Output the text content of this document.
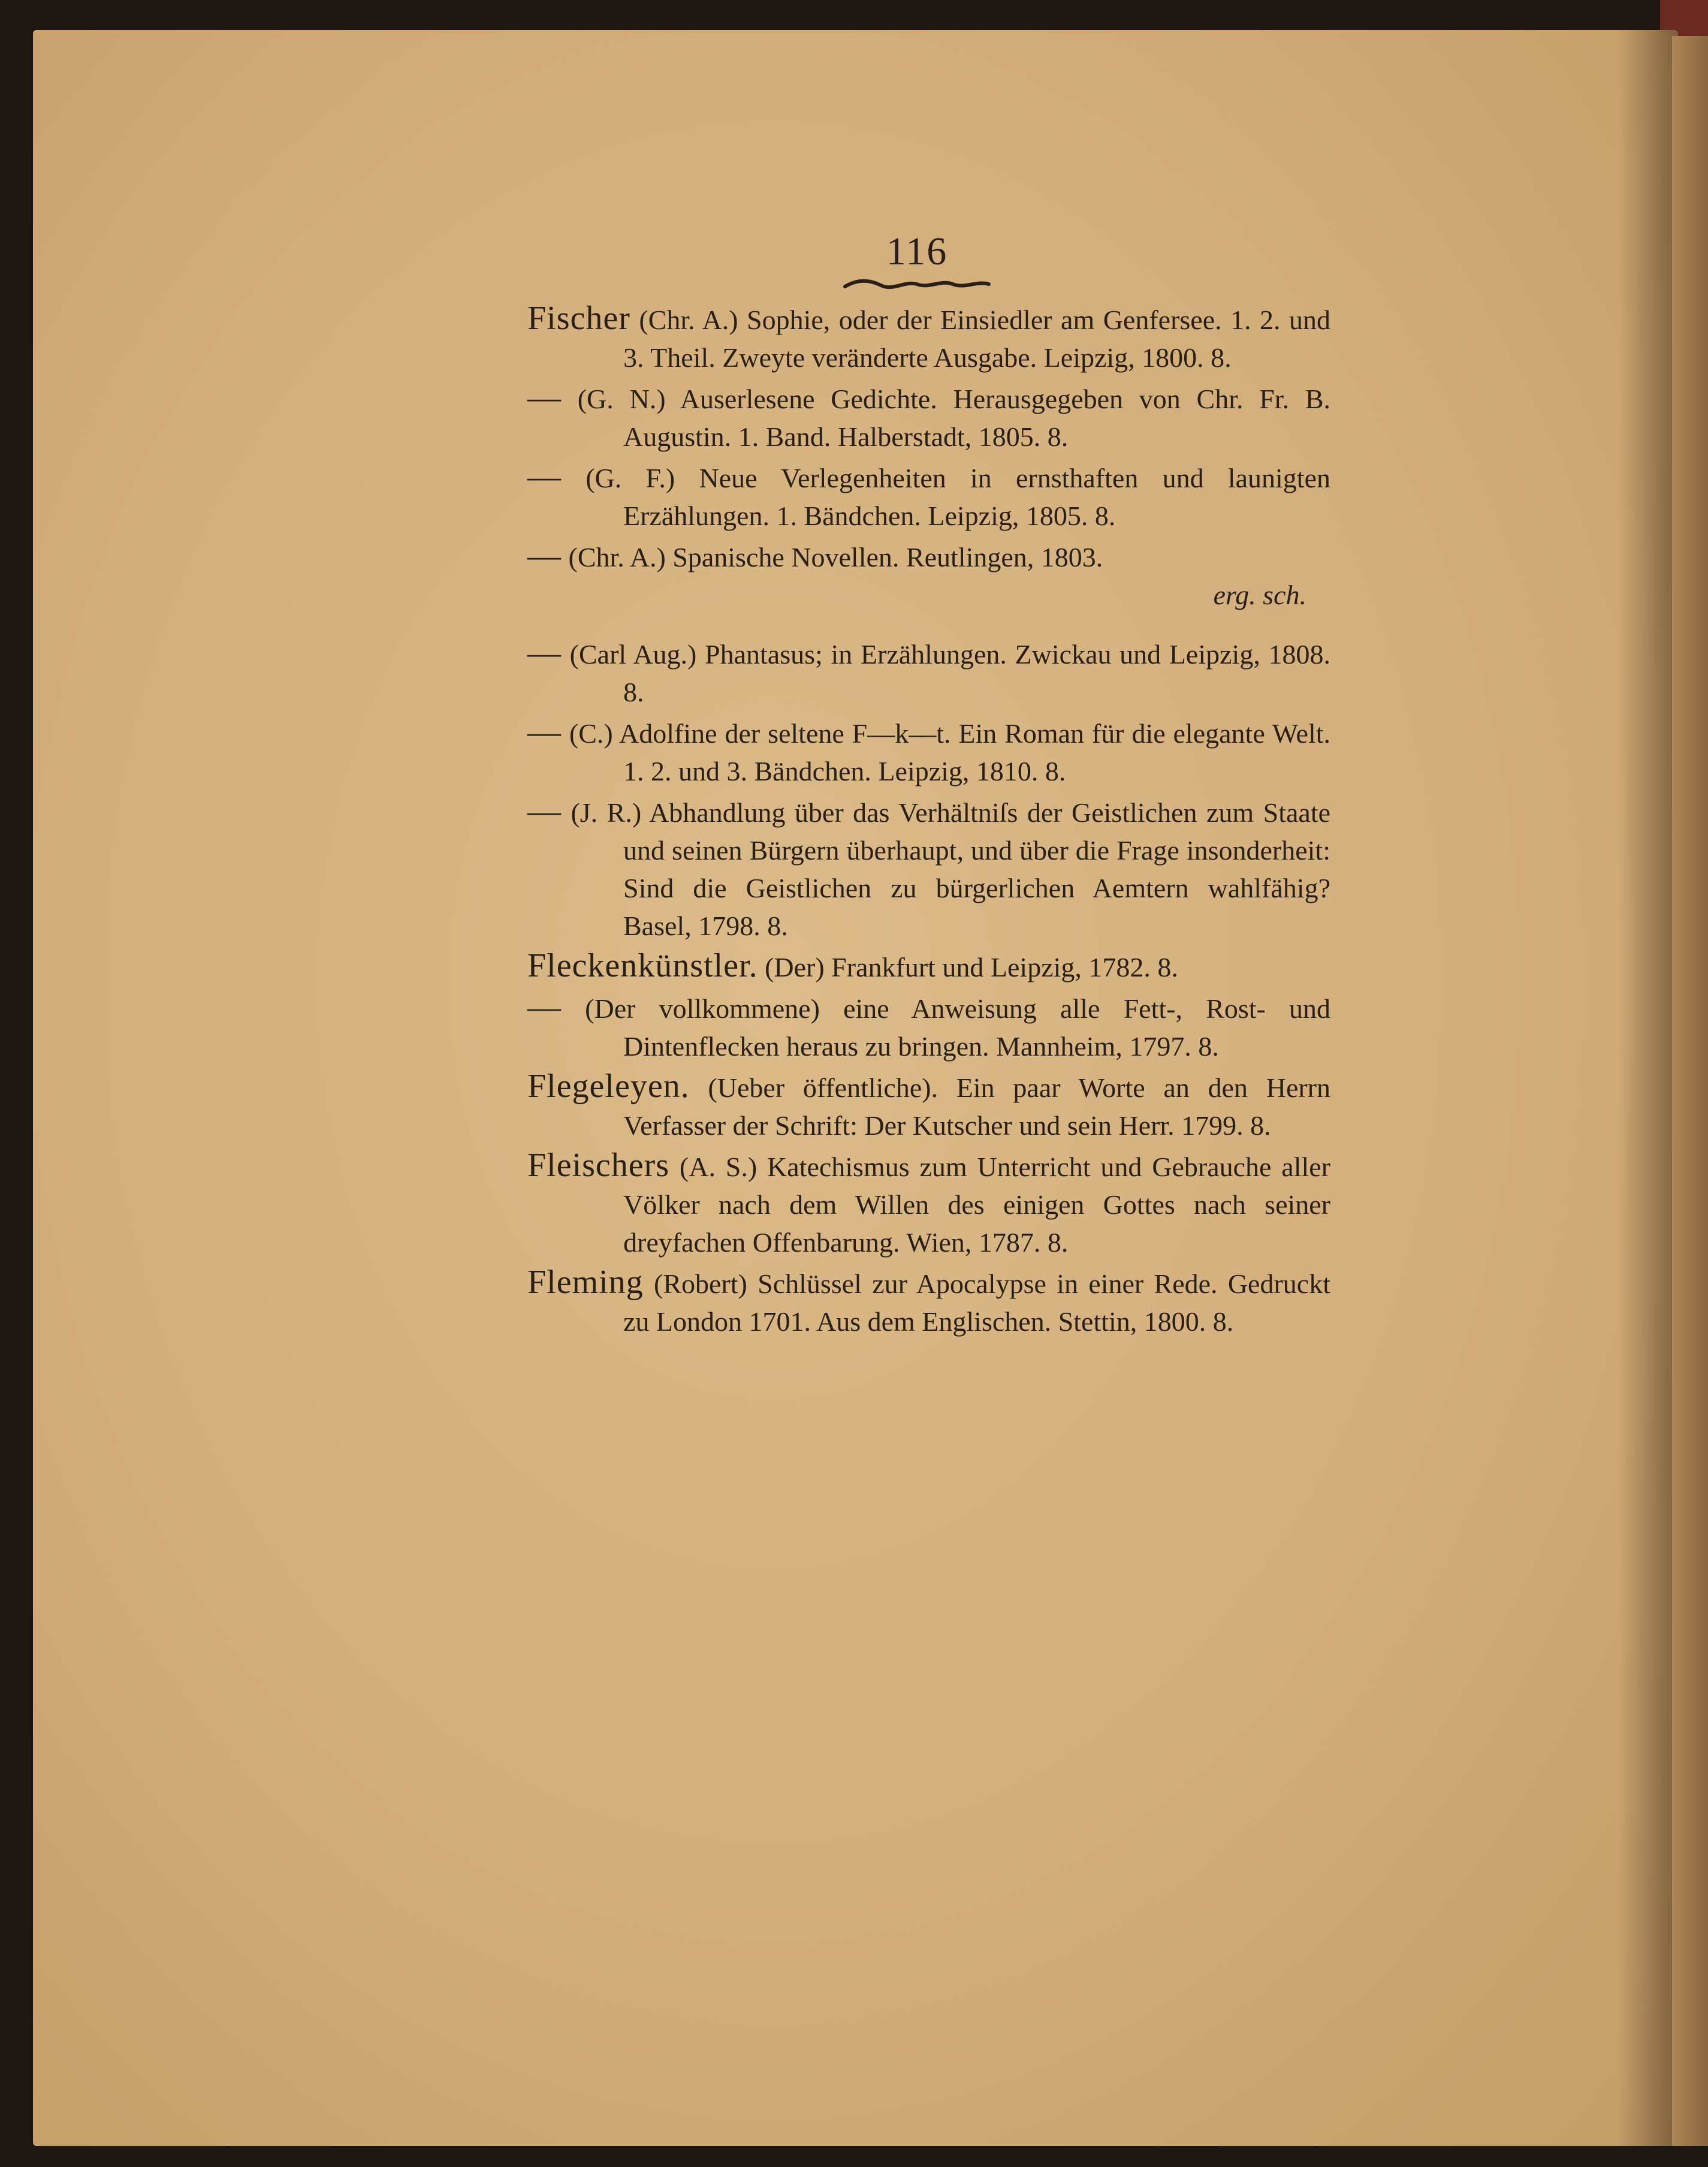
116
Fischer (Chr. A.) Sophie, oder der Einsiedler am Genfersee. 1. 2. und 3. Theil. Zweyte veränderte Ausgabe. Leipzig, 1800. 8.
— (G. N.) Auserlesene Gedichte. Herausgegeben von Chr. Fr. B. Augustin. 1. Band. Halberstadt, 1805. 8.
— (G. F.) Neue Verlegenheiten in ernsthaften und launigten Erzählungen. 1. Bändchen. Leipzig, 1805. 8.
— (Chr. A.) Spanische Novellen. Reutlingen, 1803.
erg. sch.
— (Carl Aug.) Phantasus; in Erzählungen. Zwickau und Leipzig, 1808. 8.
— (C.) Adolfine der seltene F—k—t. Ein Roman für die elegante Welt. 1. 2. und 3. Bändchen. Leipzig, 1810. 8.
— (J. R.) Abhandlung über das Verhältniſs der Geistlichen zum Staate und seinen Bürgern überhaupt, und über die Frage insonderheit: Sind die Geistlichen zu bürgerlichen Aemtern wahlfähig? Basel, 1798. 8.
Fleckenkünstler. (Der) Frankfurt und Leipzig, 1782. 8.
— (Der vollkommene) eine Anweisung alle Fett-, Rost- und Dintenflecken heraus zu bringen. Mannheim, 1797. 8.
Flegeleyen. (Ueber öffentliche). Ein paar Worte an den Herrn Verfasser der Schrift: Der Kutscher und sein Herr. 1799. 8.
Fleischers (A. S.) Katechismus zum Unterricht und Gebrauche aller Völker nach dem Willen des einigen Gottes nach seiner dreyfachen Offenbarung. Wien, 1787. 8.
Fleming (Robert) Schlüssel zur Apocalypse in einer Rede. Gedruckt zu London 1701. Aus dem Englischen. Stettin, 1800. 8.
